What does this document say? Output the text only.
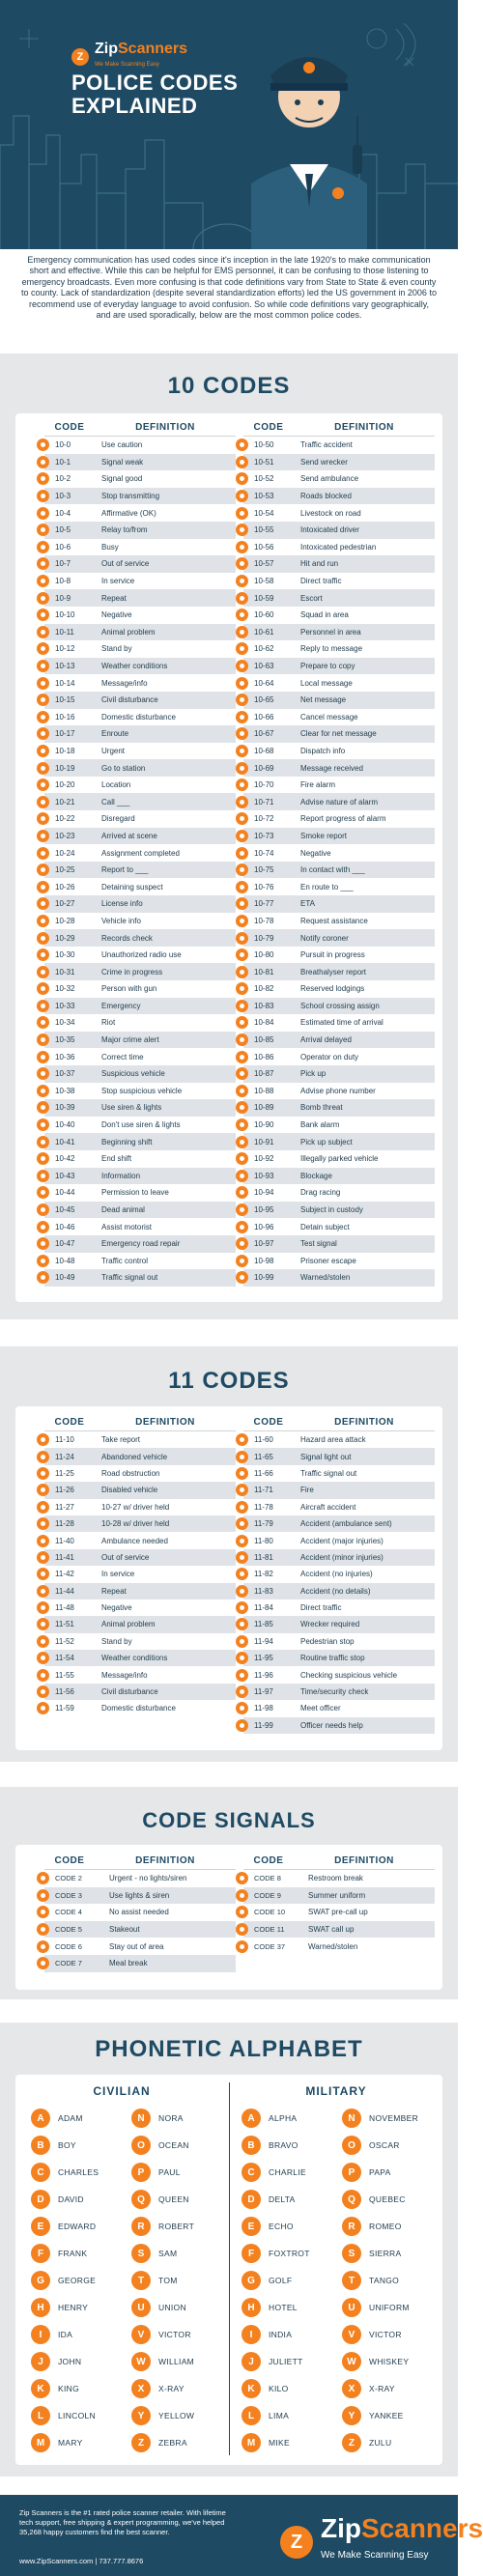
Z ZipScanners
We Make Scanning Easy
POLICE CODES
EXPLAINED

Emergency communication has used codes since it's inception in the late 1920's to make communication short and effective. While this can be helpful for EMS personnel, it can be confusing to those listening to emergency broadcasts. Even more confusing is that code definitions vary from State to State & even county to county. Lack of standardization (despite several standardization efforts) led the US government in 2006 to recommend use of everyday language to avoid confusion. So while code definitions vary geographically, and are used sporadically, below are the most common police codes.

10 CODES
CODE	DEFINITION
10-0	Use caution
10-1	Signal weak
10-2	Signal good
10-3	Stop transmitting
10-4	Affirmative (OK)
10-5	Relay to/from
10-6	Busy
10-7	Out of service
10-8	In service
10-9	Repeat
10-10	Negative
10-11	Animal problem
10-12	Stand by
10-13	Weather conditions
10-14	Message/info
10-15	Civil disturbance
10-16	Domestic disturbance
10-17	Enroute
10-18	Urgent
10-19	Go to station
10-20	Location
10-21	Call ___
10-22	Disregard
10-23	Arrived at scene
10-24	Assignment completed
10-25	Report to ___
10-26	Detaining suspect
10-27	License info
10-28	Vehicle info
10-29	Records check
10-30	Unauthorized radio use
10-31	Crime in progress
10-32	Person with gun
10-33	Emergency
10-34	Riot
10-35	Major crime alert
10-36	Correct time
10-37	Suspicious vehicle
10-38	Stop suspicious vehicle
10-39	Use siren & lights
10-40	Don't use siren & lights
10-41	Beginning shift
10-42	End shift
10-43	Information
10-44	Permission to leave
10-45	Dead animal
10-46	Assist motorist
10-47	Emergency road repair
10-48	Traffic control
10-49	Traffic signal out
CODE	DEFINITION
10-50	Traffic accident
10-51	Send wrecker
10-52	Send ambulance
10-53	Roads blocked
10-54	Livestock on road
10-55	Intoxicated driver
10-56	Intoxicated pedestrian
10-57	Hit and run
10-58	Direct traffic
10-59	Escort
10-60	Squad in area
10-61	Personnel in area
10-62	Reply to message
10-63	Prepare to copy
10-64	Local message
10-65	Net message
10-66	Cancel message
10-67	Clear for net message
10-68	Dispatch info
10-69	Message received
10-70	Fire alarm
10-71	Advise nature of alarm
10-72	Report progress of alarm
10-73	Smoke report
10-74	Negative
10-75	In contact with ___
10-76	En route to ___
10-77	ETA
10-78	Request assistance
10-79	Notify coroner
10-80	Pursuit in progress
10-81	Breathalyser report
10-82	Reserved lodgings
10-83	School crossing assign
10-84	Estimated time of arrival
10-85	Arrival delayed
10-86	Operator on duty
10-87	Pick up
10-88	Advise phone number
10-89	Bomb threat
10-90	Bank alarm
10-91	Pick up subject
10-92	Illegally parked vehicle
10-93	Blockage
10-94	Drag racing
10-95	Subject in custody
10-96	Detain subject
10-97	Test signal
10-98	Prisoner escape
10-99	Warned/stolen
11 CODES
CODE	DEFINITION
11-10	Take report
11-24	Abandoned vehicle
11-25	Road obstruction
11-26	Disabled vehicle
11-27	10-27 w/ driver held
11-28	10-28 w/ driver held
11-40	Ambulance needed
11-41	Out of service
11-42	In service
11-44	Repeat
11-48	Negative
11-51	Animal problem
11-52	Stand by
11-54	Weather conditions
11-55	Message/info
11-56	Civil disturbance
11-59	Domestic disturbance
CODE	DEFINITION
11-60	Hazard area attack
11-65	Signal light out
11-66	Traffic signal out
11-71	Fire
11-78	Aircraft accident
11-79	Accident (ambulance sent)
11-80	Accident (major injuries)
11-81	Accident (minor injuries)
11-82	Accident (no injuries)
11-83	Accident (no details)
11-84	Direct traffic
11-85	Wrecker required
11-94	Pedestrian stop
11-95	Routine traffic stop
11-96	Checking suspicious vehicle
11-97	Time/security check
11-98	Meet officer
11-99	Officer needs help
CODE SIGNALS
CODE	DEFINITION
CODE 2	Urgent - no lights/siren
CODE 3	Use lights & siren
CODE 4	No assist needed
CODE 5	Stakeout
CODE 6	Stay out of area
CODE 7	Meal break
CODE	DEFINITION
CODE 8	Restroom break
CODE 9	Summer uniform
CODE 10	SWAT pre-call up
CODE 11	SWAT call up
CODE 37	Warned/stolen
PHONETIC ALPHABET
CIVILIAN	MILITARY
A	ADAM
B	BOY
C	CHARLES
D	DAVID
E	EDWARD
F	FRANK
G	GEORGE
H	HENRY
I	IDA
J	JOHN
K	KING
L	LINCOLN
M	MARY
N	NORA
O	OCEAN
P	PAUL
Q	QUEEN
R	ROBERT
S	SAM
T	TOM
U	UNION
V	VICTOR
W	WILLIAM
X	X-RAY
Y	YELLOW
Z	ZEBRA
A	ALPHA
B	BRAVO
C	CHARLIE
D	DELTA
E	ECHO
F	FOXTROT
G	GOLF
H	HOTEL
I	INDIA
J	JULIETT
K	KILO
L	LIMA
M	MIKE
N	NOVEMBER
O	OSCAR
P	PAPA
Q	QUEBEC
R	ROMEO
S	SIERRA
T	TANGO
U	UNIFORM
V	VICTOR
W	WHISKEY
X	X-RAY
Y	YANKEE
Z	ZULU
Zip Scanners is the #1 rated police scanner retailer. With lifetime tech support, free shipping & expert programming, we've helped 35,268 happy customers find the best scanner.
www.ZipScanners.com | 737.777.8676
Z ZipScanners
We Make Scanning Easy
